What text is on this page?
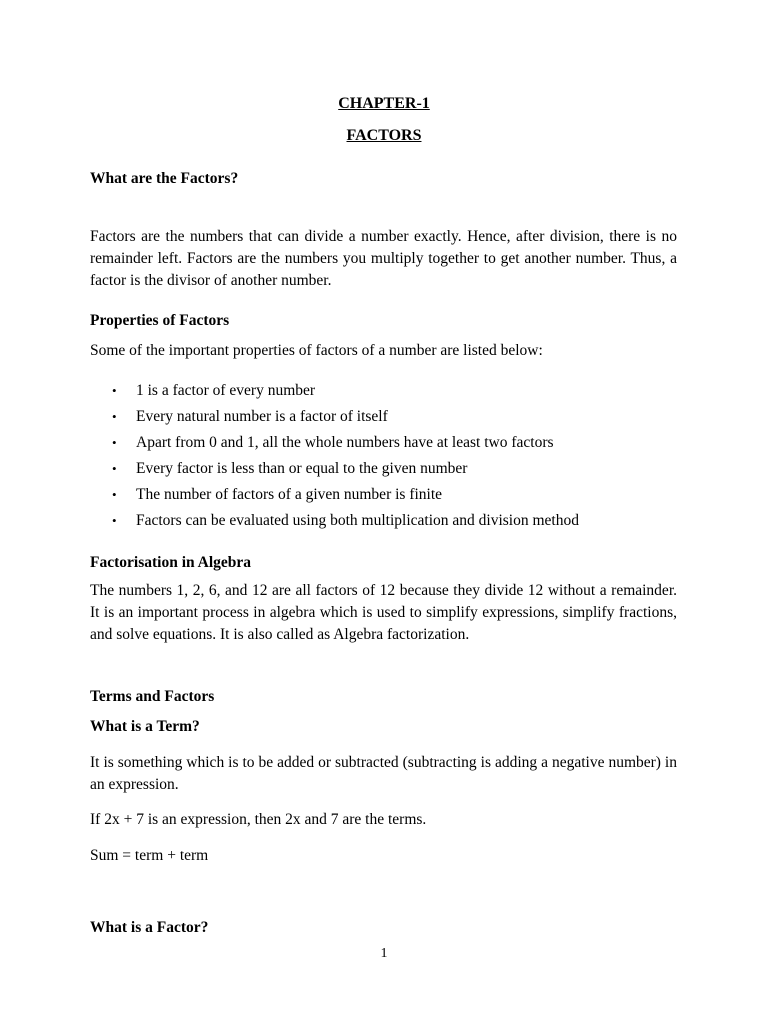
CHAPTER-1

FACTORS

What are the Factors?

Factors are the numbers that can divide a number exactly. Hence, after division, there is no remainder left. Factors are the numbers you multiply together to get another number. Thus, a factor is the divisor of another number.

Properties of Factors

Some of the important properties of factors of a number are listed below:

• 1 is a factor of every number
• Every natural number is a factor of itself
• Apart from 0 and 1, all the whole numbers have at least two factors
• Every factor is less than or equal to the given number
• The number of factors of a given number is finite
• Factors can be evaluated using both multiplication and division method

Factorisation in Algebra

The numbers 1, 2, 6, and 12 are all factors of 12 because they divide 12 without a remainder. It is an important process in algebra which is used to simplify expressions, simplify fractions, and solve equations. It is also called as Algebra factorization.

Terms and Factors

What is a Term?

It is something which is to be added or subtracted (subtracting is adding a negative number) in an expression.

If 2x + 7 is an expression, then 2x and 7 are the terms.

Sum = term + term

What is a Factor?

1
